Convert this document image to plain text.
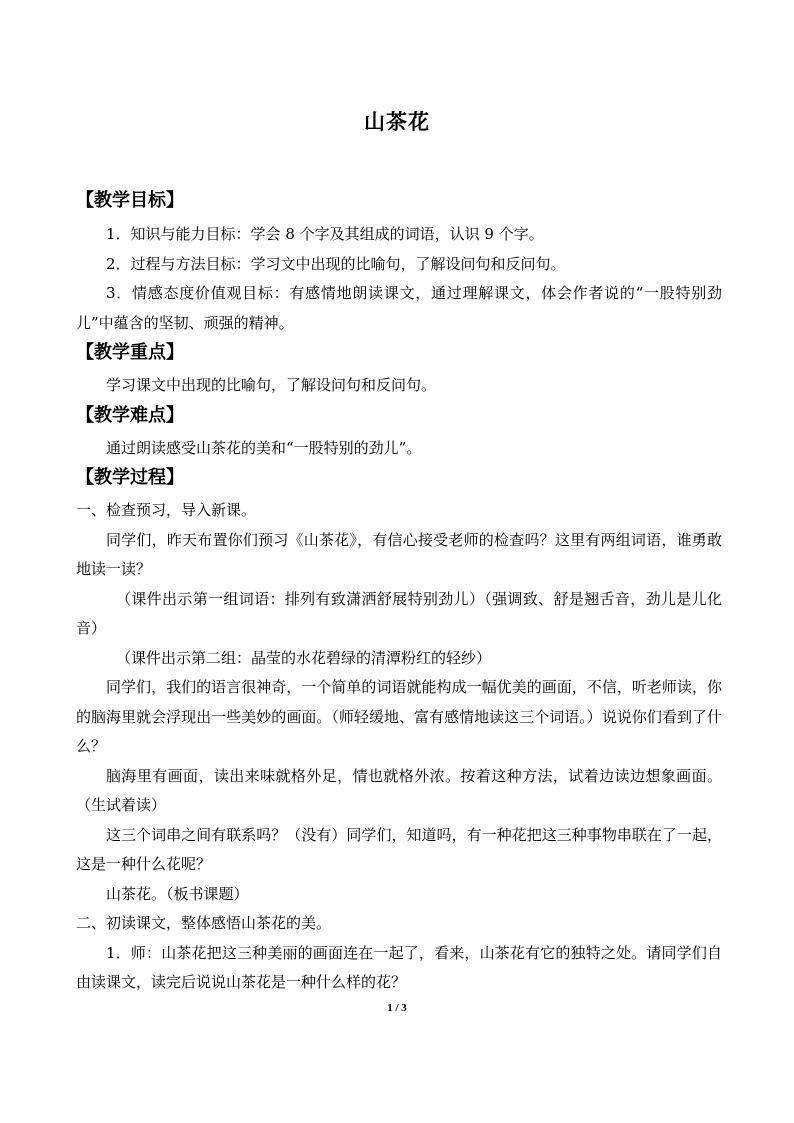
山茶花
【教学目标】

1．知识与能力目标：学会 8 个字及其组成的词语，认识 9 个字。

2．过程与方法目标：学习文中出现的比喻句，了解设问句和反问句。

3．情感态度价值观目标：有感情地朗读课文，通过理解课文，体会作者说的“一股特别劲儿”中蕴含的坚韧、顽强的精神。

【教学重点】

学习课文中出现的比喻句，了解设问句和反问句。

【教学难点】

通过朗读感受山茶花的美和“一股特别的劲儿”。

【教学过程】

一、检查预习，导入新课。

同学们，昨天布置你们预习《山茶花》，有信心接受老师的检查吗？这里有两组词语，谁勇敢地读一读？

（课件出示第一组词语：排列有致潇洒舒展特别劲儿）（强调致、舒是翘舌音，劲儿是儿化音）

（课件出示第二组：晶莹的水花碧绿的清潭粉红的轻纱）

同学们，我们的语言很神奇，一个简单的词语就能构成一幅优美的画面，不信，听老师读，你的脑海里就会浮现出一些美妙的画面。（师轻缓地、富有感情地读这三个词语。）说说你们看到了什么？

脑海里有画面，读出来味就格外足，情也就格外浓。按着这种方法，试着边读边想象画面。（生试着读）

这三个词串之间有联系吗？（没有）同学们，知道吗，有一种花把这三种事物串联在了一起，这是一种什么花呢？

山茶花。（板书课题）

二、初读课文，整体感悟山茶花的美。

1．师：山茶花把这三种美丽的画面连在一起了，看来，山茶花有它的独特之处。请同学们自由读课文，读完后说说山茶花是一种什么样的花？

1 / 3
